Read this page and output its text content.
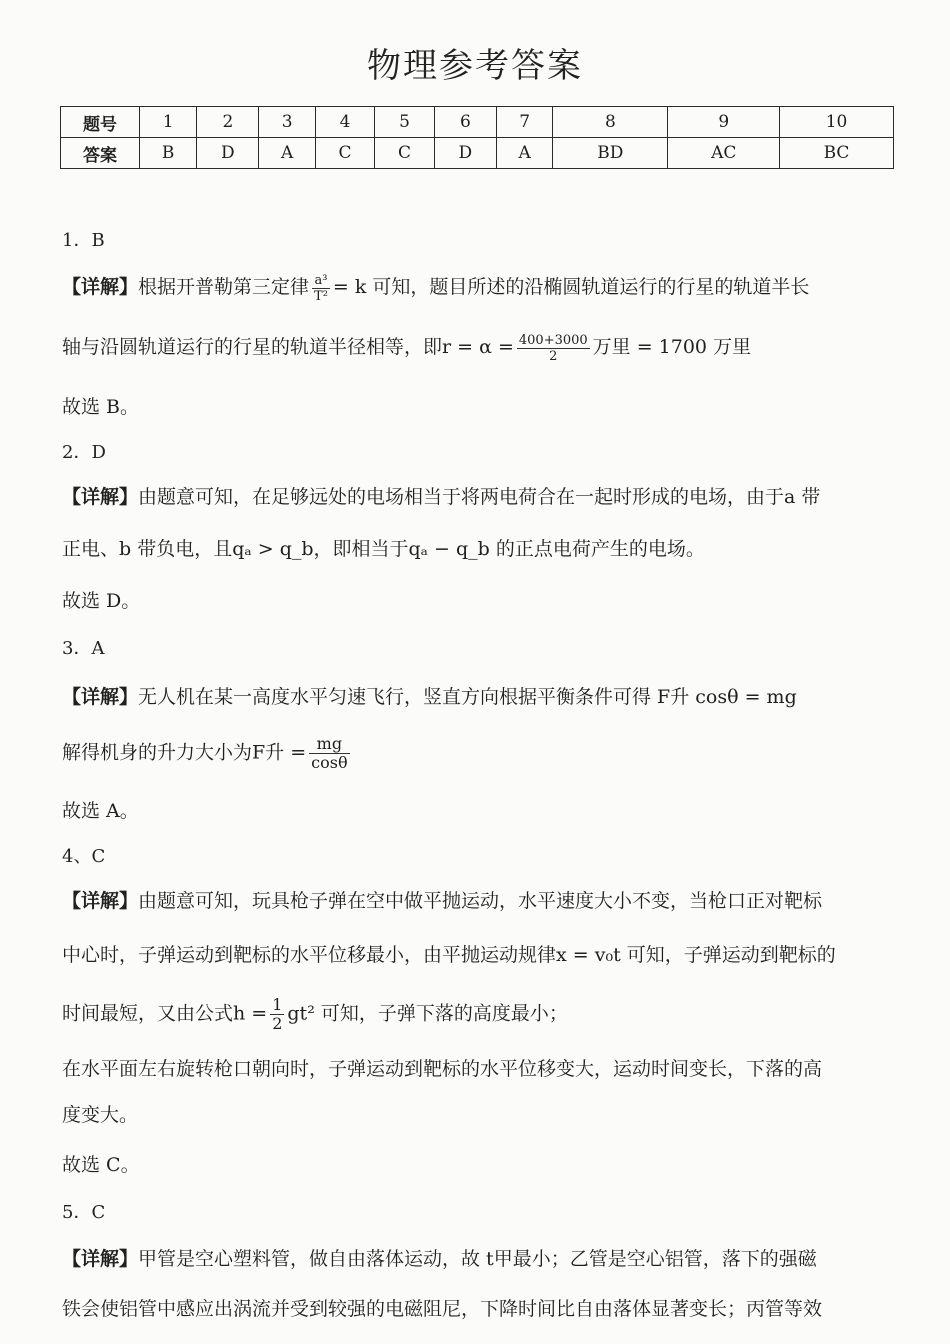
物理参考答案
题号	1	2	3	4	5	6	7	8	9	10
答案	B	D	A	C	C	D	A	BD	AC	BC
1．B
【详解】根据开普勒第三定律 $\frac{\text{a³}}{\text{T²}} = k$ 可知，题目所述的沿椭圆轨道运行的行星的轨道半长
轴与沿圆轨道运行的行星的轨道半径相等，即$r = \alpha = \frac{400+3000}{2}$ 万里 = 1700 万里
故选 B。
2．D
【详解】由题意可知，在足够远处的电场相当于将两电荷合在一起时形成的电场，由于a 带
正电、b 带负电，且qₐ > q_b，即相当于qₐ − q_b 的正点电荷产生的电场。
故选 D。
3．A
【详解】无人机在某一高度水平匀速飞行，竖直方向根据平衡条件可得 F升 cosθ = mg
解得机身的升力大小为F升 = $\frac{mg}{\cos\theta}$
故选 A。
4、C
【详解】由题意可知，玩具枪子弹在空中做平抛运动，水平速度大小不变，当枪口正对靶标
中心时，子弹运动到靶标的水平位移最小，由平抛运动规律x = v₀t 可知，子弹运动到靶标的
时间最短，又由公式$h = \frac{1}{2} gt^2$ 可知，子弹下落的高度最小；
在水平面左右旋转枪口朝向时，子弹运动到靶标的水平位移变大，运动时间变长，下落的高
度变大。
故选 C。
5．C
【详解】甲管是空心塑料管，做自由落体运动，故 t甲最小；乙管是空心铝管，落下的强磁
铁会使铝管中感应出涡流并受到较强的电磁阻尼，下降时间比自由落体显著变长；丙管等效
